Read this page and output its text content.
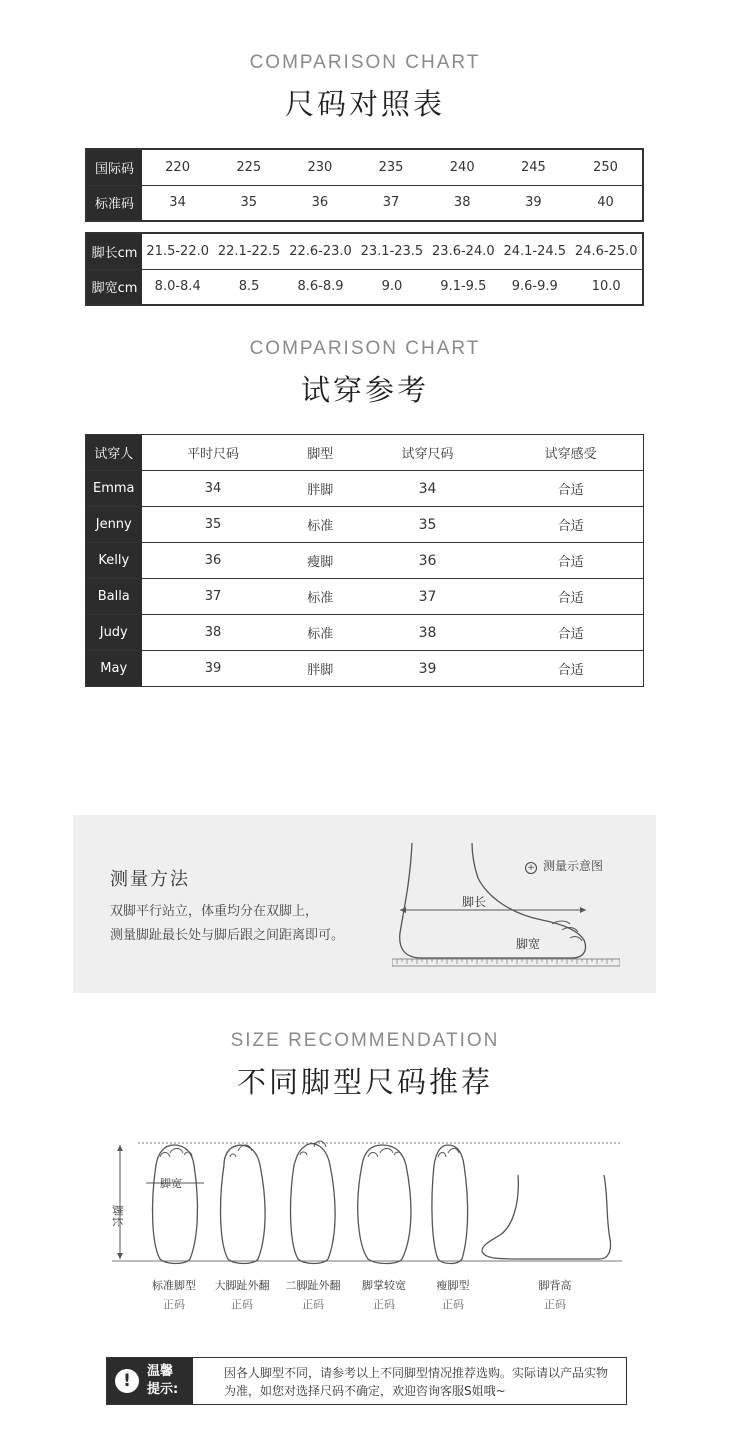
COMPARISON CHART
尺码对照表
国际码	220	225	230	235	240	245	250
标准码	34	35	36	37	38	39	40
脚长cm	21.5-22.0	22.1-22.5	22.6-23.0	23.1-23.5	23.6-24.0	24.1-24.5	24.6-25.0
脚宽cm	8.0-8.4	8.5	8.6-8.9	9.0	9.1-9.5	9.6-9.9	10.0
COMPARISON CHART
试穿参考
试穿人	平时尺码	脚型	试穿尺码	试穿感受	
Emma	34	胖脚	34	合适	
Jenny	35	标准	35	合适	
Kelly	36	瘦脚	36	合适	
Balla	37	标准	37	合适	
Judy	38	标准	38	合适	
May	39	胖脚	39	合适	
测量方法
双脚平行站立，体重均分在双脚上，
测量脚趾最长处与脚后跟之间距离即可。
+ 测量示意图
脚长
脚宽
SIZE RECOMMENDATION
不同脚型尺码推荐
脚长
脚宽
标准脚型
正码
大脚趾外翻
正码
二脚趾外翻
正码
脚掌较宽
正码
瘦脚型
正码
脚背高
正码
!	温馨
提示:
因各人脚型不同，请参考以上不同脚型情况推荐选购。实际请以产品实物为准，如您对选择尺码不确定，欢迎咨询客服S姐哦~
